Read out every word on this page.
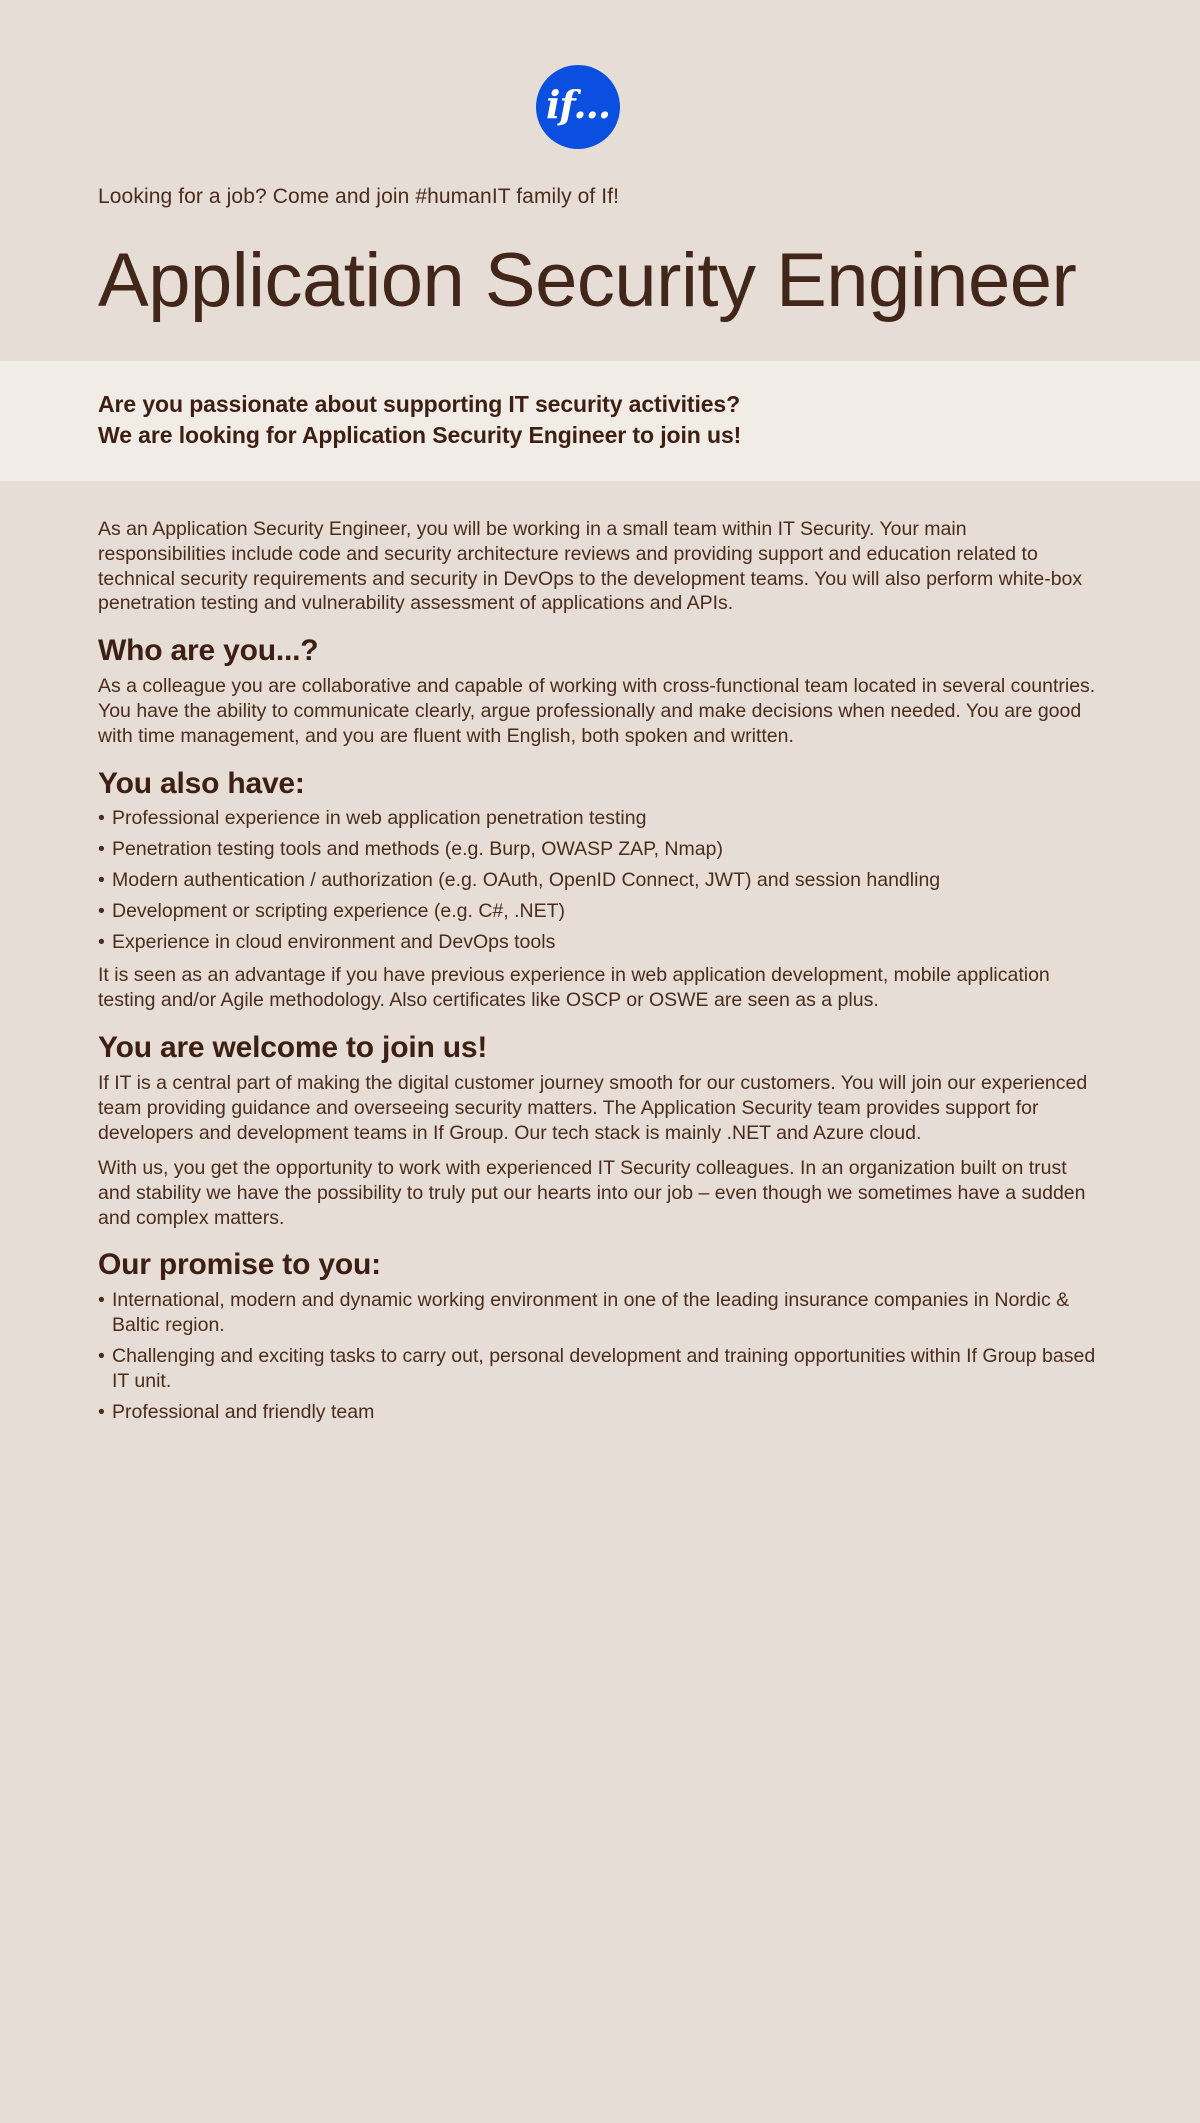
if...
Looking for a job? Come and join #humanIT family of If!
Application Security Engineer
Are you passionate about supporting IT security activities?
We are looking for Application Security Engineer to join us!

As an Application Security Engineer, you will be working in a small team within IT Security. Your main responsibilities include code and security architecture reviews and providing support and education related to technical security requirements and security in DevOps to the development teams. You will also perform white-box penetration testing and vulnerability assessment of applications and APIs.

Who are you...?

As a colleague you are collaborative and capable of working with cross-functional team located in several countries. You have the ability to communicate clearly, argue professionally and make decisions when needed. You are good with time management, and you are fluent with English, both spoken and written.

You also have:
• Professional experience in web application penetration testing
• Penetration testing tools and methods (e.g. Burp, OWASP ZAP, Nmap)
• Modern authentication / authorization (e.g. OAuth, OpenID Connect, JWT) and session handling
• Development or scripting experience (e.g. C#, .NET)
• Experience in cloud environment and DevOps tools

It is seen as an advantage if you have previous experience in web application development, mobile application testing and/or Agile methodology. Also certificates like OSCP or OSWE are seen as a plus.

You are welcome to join us!

If IT is a central part of making the digital customer journey smooth for our customers. You will join our experienced team providing guidance and overseeing security matters. The Application Security team provides support for developers and development teams in If Group. Our tech stack is mainly .NET and Azure cloud.

With us, you get the opportunity to work with experienced IT Security colleagues. In an organization built on trust and stability we have the possibility to truly put our hearts into our job – even though we sometimes have a sudden and complex matters.

Our promise to you:
• International, modern and dynamic working environment in one of the leading insurance companies in Nordic & Baltic region.
• Challenging and exciting tasks to carry out, personal development and training opportunities within If Group based IT unit.
• Professional and friendly team
